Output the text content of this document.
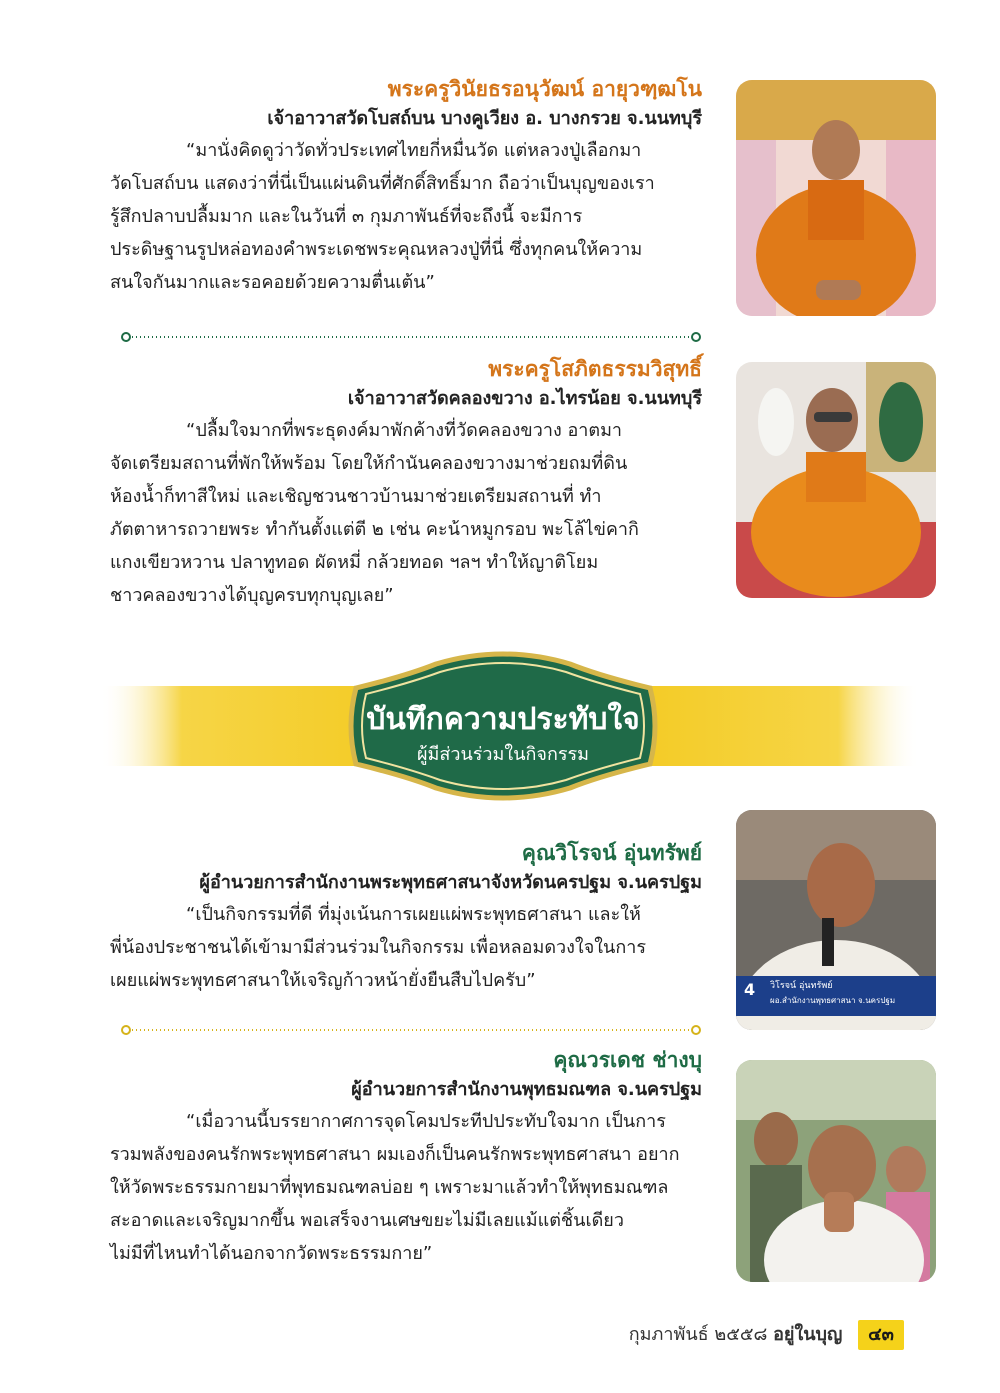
พระครูวินัยธรอนุวัฒน์ อายุวฑฺฒโน
เจ้าอาวาสวัดโบสถ์บน บางคูเวียง อ. บางกรวย จ.นนทบุรี

“มานั่งคิดดูว่าวัดทั่วประเทศไทยกี่หมื่นวัด แต่หลวงปู่เลือกมา
วัดโบสถ์บน แสดงว่าที่นี่เป็นแผ่นดินที่ศักดิ์สิทธิ์มาก ถือว่าเป็นบุญของเรา
รู้สึกปลาบปลื้มมาก และในวันที่ ๓ กุมภาพันธ์ที่จะถึงนี้ จะมีการ
ประดิษฐานรูปหล่อทองคำพระเดชพระคุณหลวงปู่ที่นี่ ซึ่งทุกคนให้ความ
สนใจกันมากและรอคอยด้วยความตื่นเต้น”

พระครูโสภิตธรรมวิสุทธิ์
เจ้าอาวาสวัดคลองขวาง อ.ไทรน้อย จ.นนทบุรี

“ปลื้มใจมากที่พระธุดงค์มาพักค้างที่วัดคลองขวาง อาตมา
จัดเตรียมสถานที่พักให้พร้อม โดยให้กำนันคลองขวางมาช่วยถมที่ดิน
ห้องน้ำก็ทาสีใหม่ และเชิญชวนชาวบ้านมาช่วยเตรียมสถานที่ ทำ
ภัตตาหารถวายพระ ทำกันตั้งแต่ตี ๒ เช่น คะน้าหมูกรอบ พะโล้ไข่คากิ
แกงเขียวหวาน ปลาทูทอด ผัดหมี่ กล้วยทอด ฯลฯ ทำให้ญาติโยม
ชาวคลองขวางได้บุญครบทุกบุญเลย”

บันทึกความประทับใจ
ผู้มีส่วนร่วมในกิจกรรม
คุณวิโรจน์ อุ่นทรัพย์
ผู้อำนวยการสำนักงานพระพุทธศาสนาจังหวัดนครปฐม จ.นครปฐม

“เป็นกิจกรรมที่ดี ที่มุ่งเน้นการเผยแผ่พระพุทธศาสนา และให้
พี่น้องประชาชนได้เข้ามามีส่วนร่วมในกิจกรรม เพื่อหลอมดวงใจในการ
เผยแผ่พระพุทธศาสนาให้เจริญก้าวหน้ายั่งยืนสืบไปครับ”	4 วิโรจน์ อุ่นทรัพย์
ผอ.สำนักงานพุทธศาสนา จ.นครปฐม
คุณวรเดช ช่างบุ
ผู้อำนวยการสำนักงานพุทธมณฑล จ.นครปฐม

“เมื่อวานนี้บรรยากาศการจุดโคมประทีปประทับใจมาก เป็นการ
รวมพลังของคนรักพระพุทธศาสนา ผมเองก็เป็นคนรักพระพุทธศาสนา อยาก
ให้วัดพระธรรมกายมาที่พุทธมณฑลบ่อย ๆ เพราะมาแล้วทำให้พุทธมณฑล
สะอาดและเจริญมากขึ้น พอเสร็จงานเศษขยะไม่มีเลยแม้แต่ชิ้นเดียว
ไม่มีที่ไหนทำได้นอกจากวัดพระธรรมกาย”

กุมภาพันธ์ ๒๕๕๘ อยู่ในบุญ ๔๓
